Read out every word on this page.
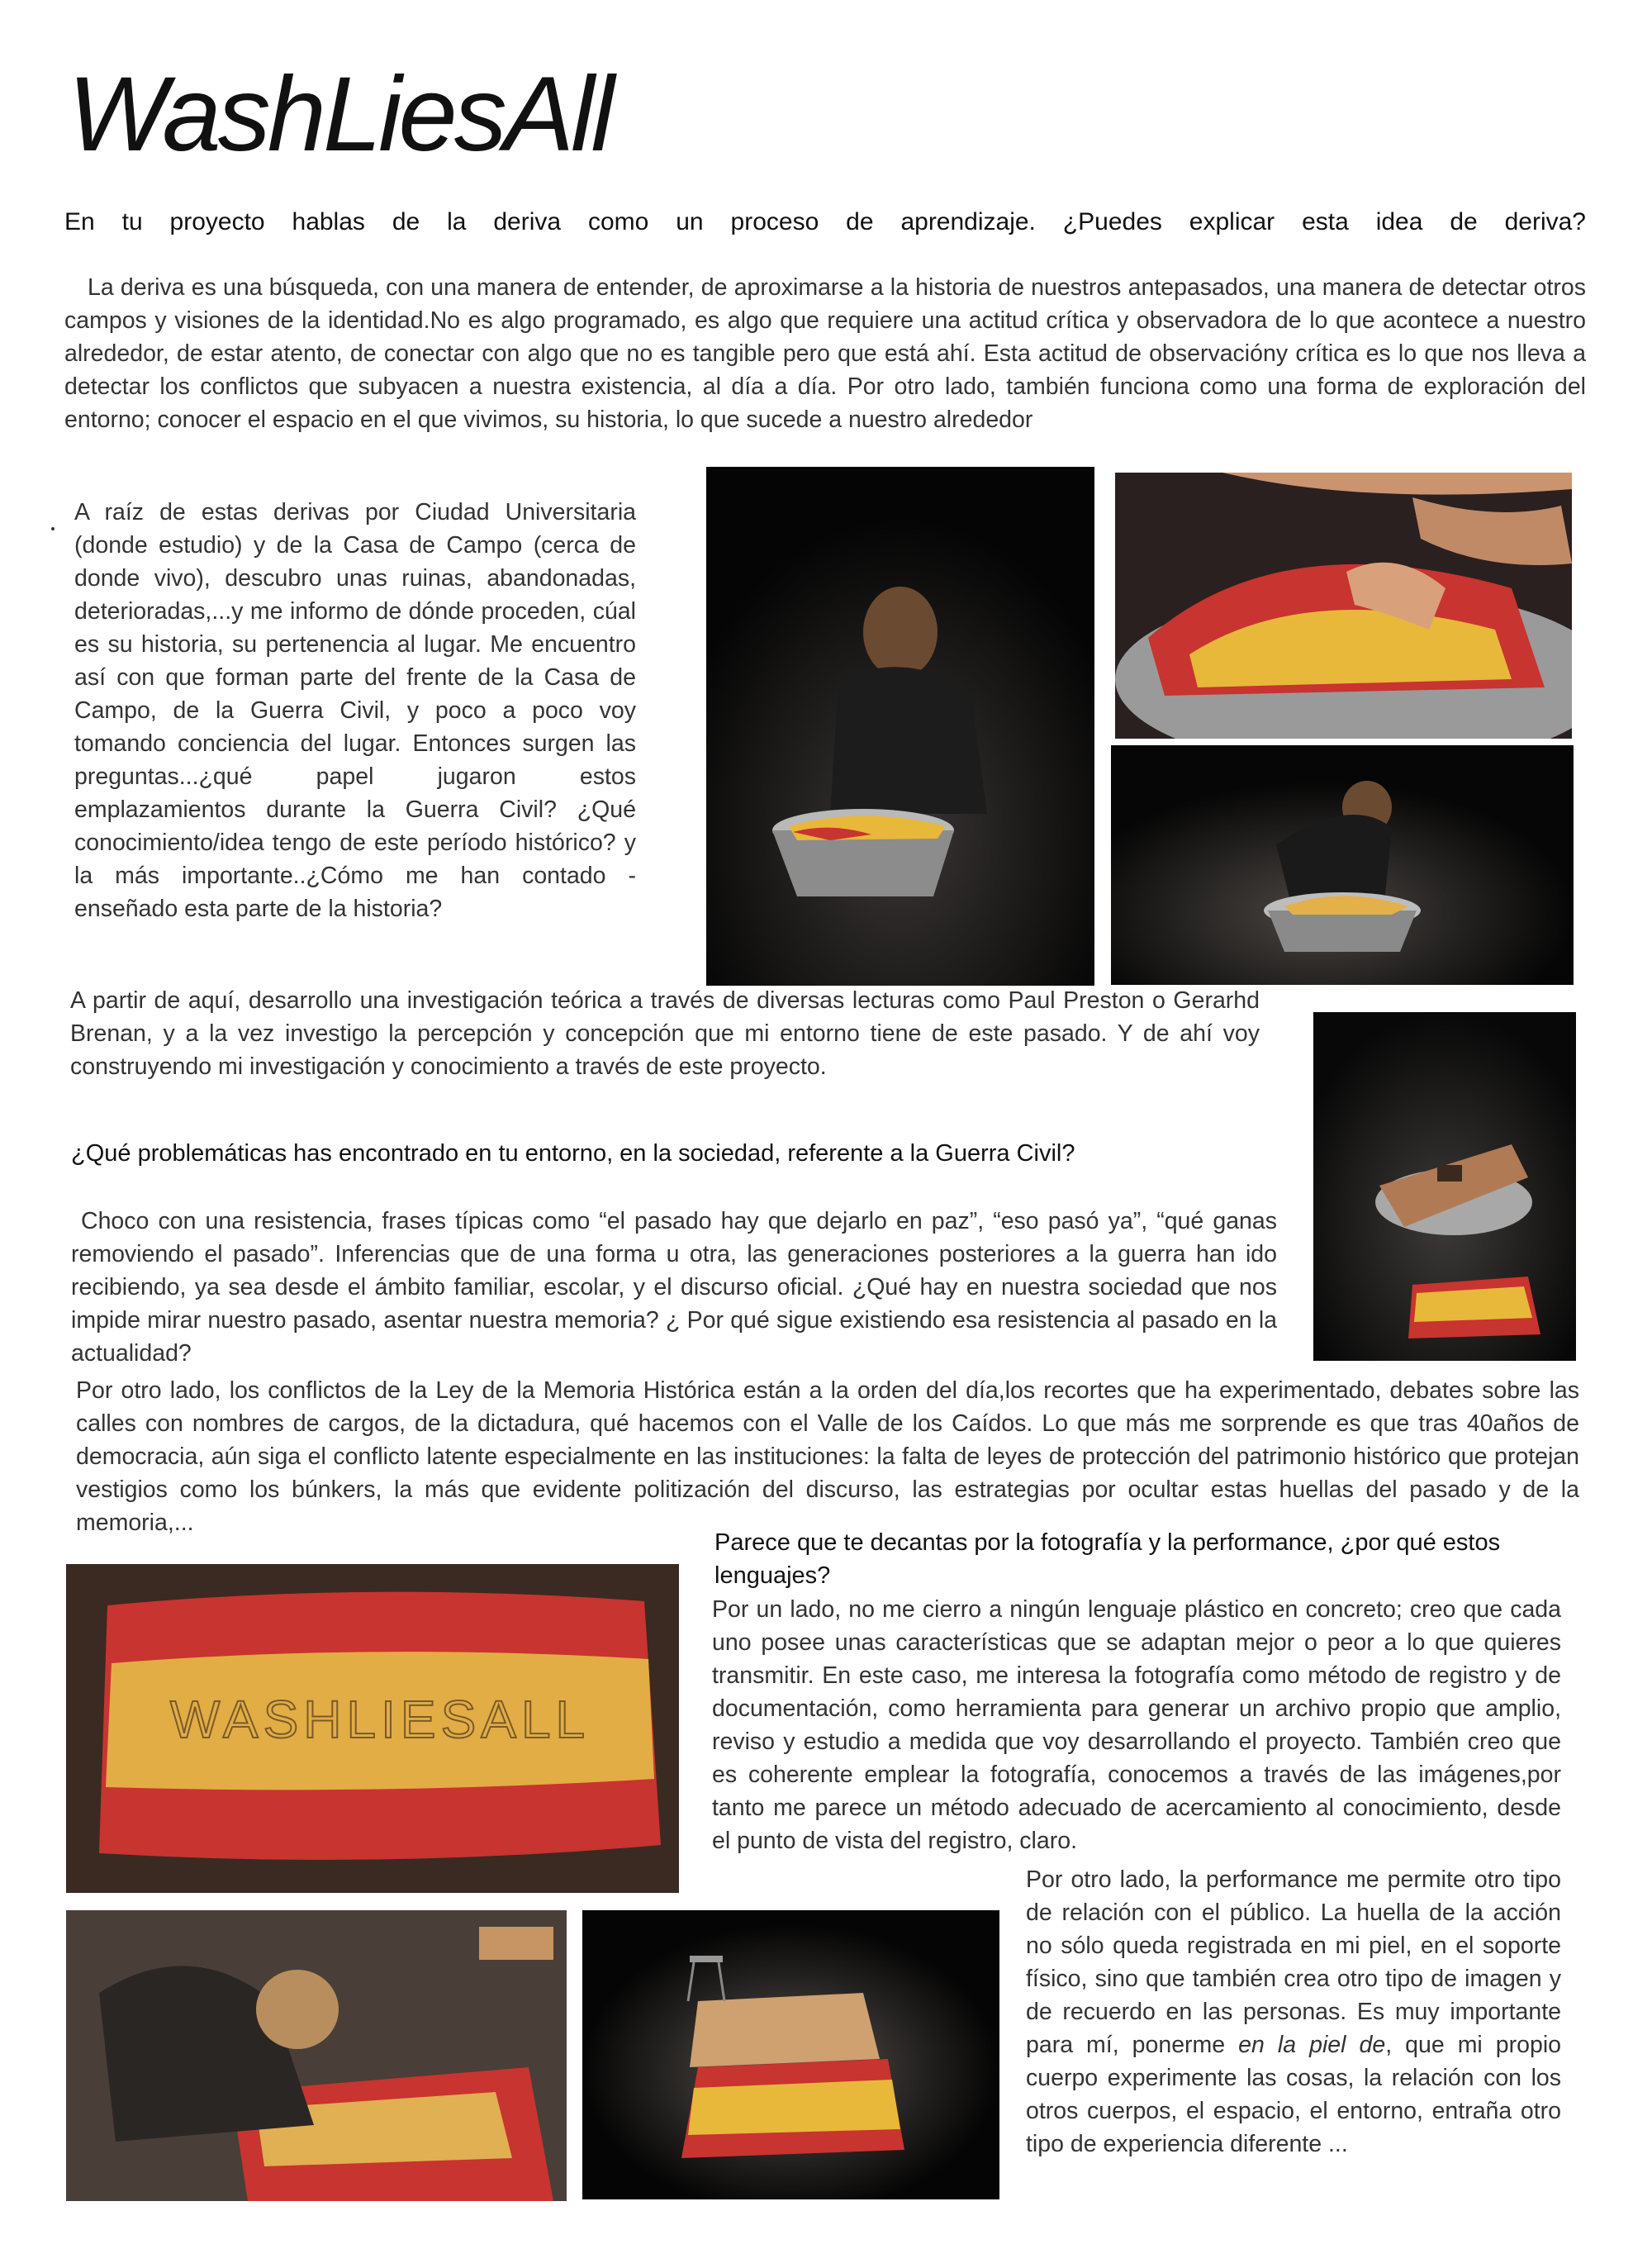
WashLiesAll
En tu proyecto hablas de la deriva como un proceso de aprendizaje. ¿Puedes explicar esta idea de deriva?
La deriva es una búsqueda, con una manera de entender, de aproximarse a la historia de nuestros antepasados, una manera de detectar otros campos y visiones de la identidad.No es algo programado, es algo que requiere una actitud crítica y observadora de lo que acontece a nuestro alrededor, de estar atento, de conectar con algo que no es tangible pero que está ahí. Esta actitud de observacióny crítica es lo que nos lleva a detectar los conflictos que subyacen a nuestra existencia, al día a día. Por otro lado, también funciona como una forma de exploración del entorno; conocer el espacio en el que vivimos, su historia, lo que sucede a nuestro alrededor
A raíz de estas derivas por Ciudad Universitaria (donde estudio) y de la Casa de Campo (cerca de donde vivo), descubro unas ruinas, abandonadas, deterioradas,...y me informo de dónde proceden, cúal es su historia, su pertenencia al lugar. Me encuentro así con que forman parte del frente de la Casa de Campo, de la Guerra Civil, y poco a poco voy tomando conciencia del lugar. Entonces surgen las preguntas...¿qué papel jugaron estos emplazamientos durante la Guerra Civil? ¿Qué conocimiento/idea tengo de este período histórico? y la más importante..¿Cómo me han contado - enseñado esta parte de la historia?
A partir de aquí, desarrollo una investigación teórica a través de diversas lecturas como Paul Preston o Gerarhd Brenan, y a la vez investigo la percepción y concepción que mi entorno tiene de este pasado. Y de ahí voy construyendo mi investigación y conocimiento a través de este proyecto.
¿Qué problemáticas has encontrado en tu entorno, en la sociedad, referente a la Guerra Civil?
Choco con una resistencia, frases típicas como “el pasado hay que dejarlo en paz”, “eso pasó ya”, “qué ganas removiendo el pasado”. Inferencias que de una forma u otra, las generaciones posteriores a la guerra han ido recibiendo, ya sea desde el ámbito familiar, escolar, y el discurso oficial. ¿Qué hay en nuestra sociedad que nos impide mirar nuestro pasado, asentar nuestra memoria? ¿ Por qué sigue existiendo esa resistencia al pasado en la actualidad?
Por otro lado, los conflictos de la Ley de la Memoria Histórica están a la orden del día,los recortes que ha experimentado, debates sobre las calles con nombres de cargos, de la dictadura, qué hacemos con el Valle de los Caídos. Lo que más me sorprende es que tras 40años de democracia, aún siga el conflicto latente especialmente en las instituciones: la falta de leyes de protección del patrimonio histórico que protejan vestigios como los búnkers, la más que evidente politización del discurso, las estrategias por ocultar estas huellas del pasado y de la memoria,...
WASHLIESALL
Parece que te decantas por la fotografía y la performance, ¿por qué estos lenguajes?
Por un lado, no me cierro a ningún lenguaje plástico en concreto; creo que cada uno posee unas características que se adaptan mejor o peor a lo que quieres transmitir. En este caso, me interesa la fotografía como método de registro y de documentación, como herramienta para generar un archivo propio que amplio, reviso y estudio a medida que voy desarrollando el proyecto. También creo que es coherente emplear la fotografía, conocemos a través de las imágenes,por tanto me parece un método adecuado de acercamiento al conocimiento, desde el punto de vista del registro, claro.
Por otro lado, la performance me permite otro tipo de relación con el público. La huella de la acción no sólo queda registrada en mi piel, en el soporte físico, sino que también crea otro tipo de imagen y de recuerdo en las personas. Es muy importante para mí, ponerme en la piel de, que mi propio cuerpo experimente las cosas, la relación con los otros cuerpos, el espacio, el entorno, entraña otro tipo de experiencia diferente ...
